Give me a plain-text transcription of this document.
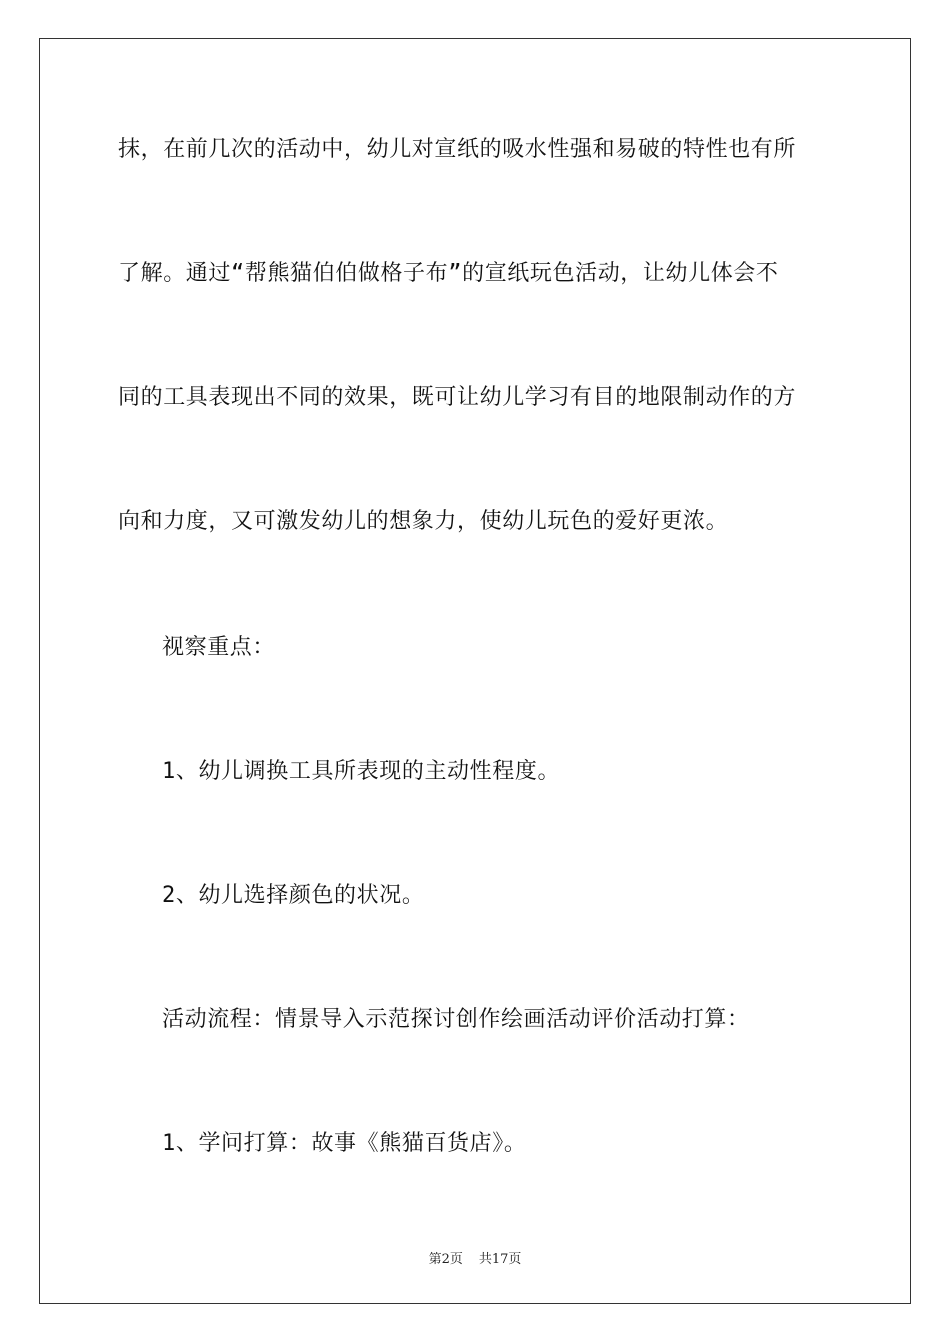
抹，在前几次的活动中，幼儿对宣纸的吸水性强和易破的特性也有所
了解。通过“帮熊猫伯伯做格子布”的宣纸玩色活动，让幼儿体会不
同的工具表现出不同的效果，既可让幼儿学习有目的地限制动作的方
向和力度，又可激发幼儿的想象力，使幼儿玩色的爱好更浓。
视察重点：
1、幼儿调换工具所表现的主动性程度。
2、幼儿选择颜色的状况。
活动流程：情景导入示范探讨创作绘画活动评价活动打算：
1、学问打算：故事《熊猫百货店》。
第2页 共17页
